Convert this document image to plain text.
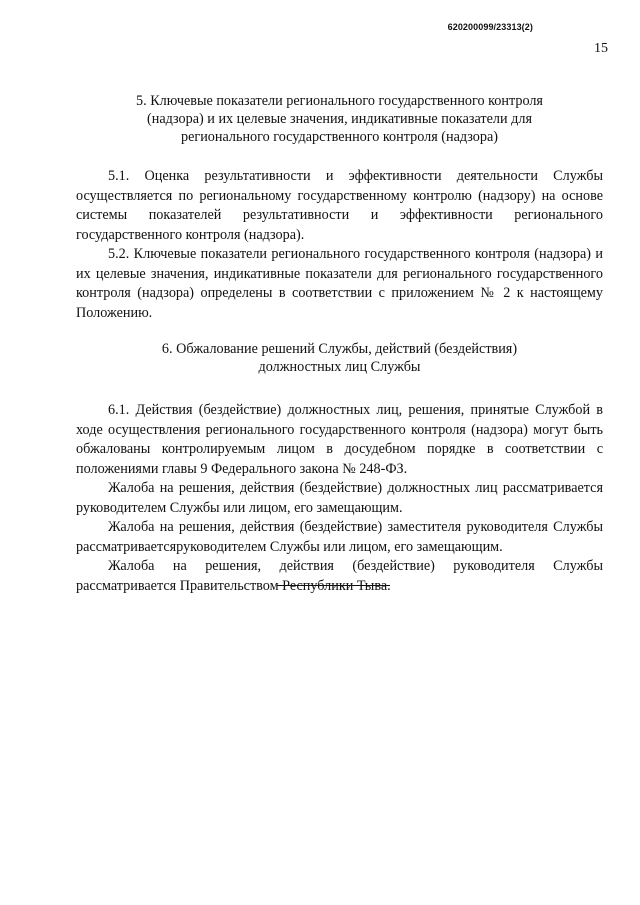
620200099/23313(2)
15
5. Ключевые показатели регионального государственного контроля (надзора) и их целевые значения, индикативные показатели для регионального государственного контроля (надзора)

5.1. Оценка результативности и эффективности деятельности Службы осуществляется по региональному государственному контролю (надзору) на основе системы показателей результативности и эффективности регионального государственного контроля (надзора).

5.2. Ключевые показатели регионального государственного контроля (надзора) и их целевые значения, индикативные показатели для регионального государственного контроля (надзора) определены в соответствии с приложением № 2 к настоящему Положению.

6. Обжалование решений Службы, действий (бездействия) должностных лиц Службы

6.1. Действия (бездействие) должностных лиц, решения, принятые Службой в ходе осуществления регионального государственного контроля (надзора) могут быть обжалованы контролируемым лицом в досудебном порядке в соответствии с положениями главы 9 Федерального закона № 248-ФЗ.

Жалоба на решения, действия (бездействие) должностных лиц рассматривается руководителем Службы или лицом, его замещающим.

Жалоба на решения, действия (бездействие) заместителя руководителя Службы рассматриваетсяруководителем Службы или лицом, его замещающим.

Жалоба на решения, действия (бездействие) руководителя Службы рассматривается Правительством Республики Тыва.
